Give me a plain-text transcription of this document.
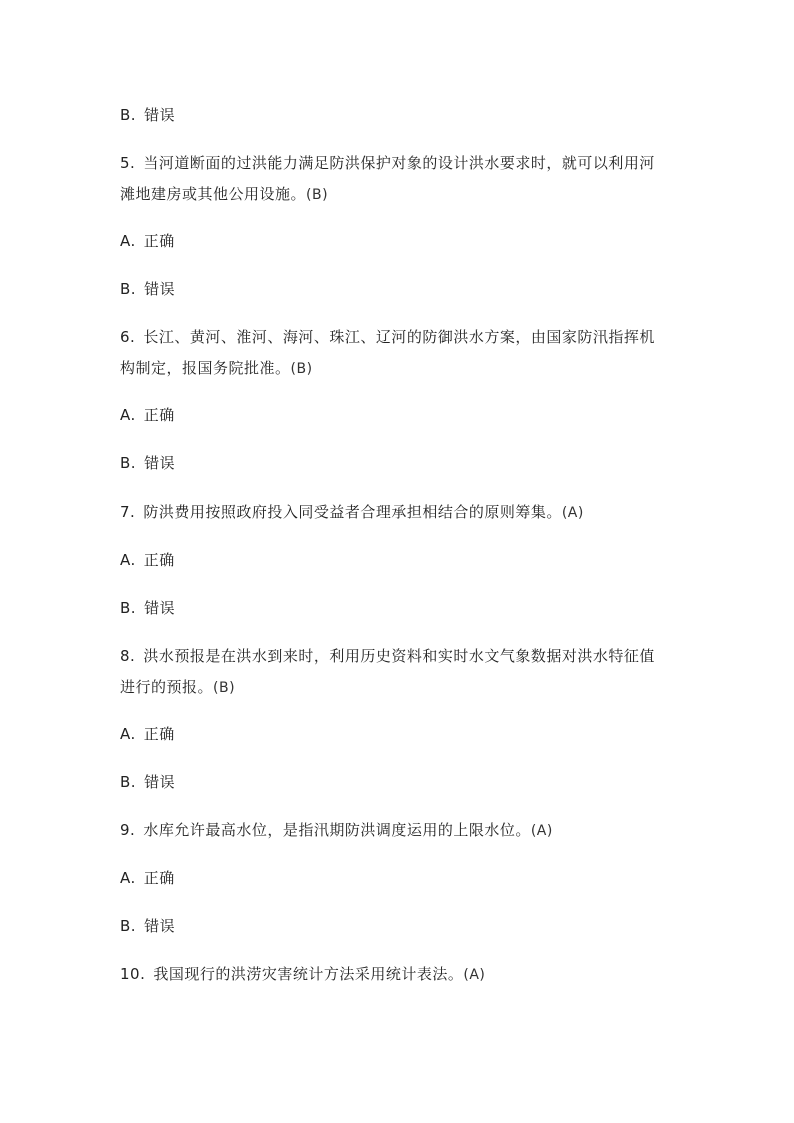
B. 错误
5. 当河道断面的过洪能力满足防洪保护对象的设计洪水要求时，就可以利用河
滩地建房或其他公用设施。(B)
A. 正确
B. 错误
6. 长江、黄河、淮河、海河、珠江、辽河的防御洪水方案，由国家防汛指挥机
构制定，报国务院批准。(B)
A. 正确
B. 错误
7. 防洪费用按照政府投入同受益者合理承担相结合的原则筹集。(A)
A. 正确
B. 错误
8. 洪水预报是在洪水到来时，利用历史资料和实时水文气象数据对洪水特征值
进行的预报。(B)
A. 正确
B. 错误
9. 水库允许最高水位，是指汛期防洪调度运用的上限水位。(A)
A. 正确
B. 错误
10. 我国现行的洪涝灾害统计方法采用统计表法。(A)
